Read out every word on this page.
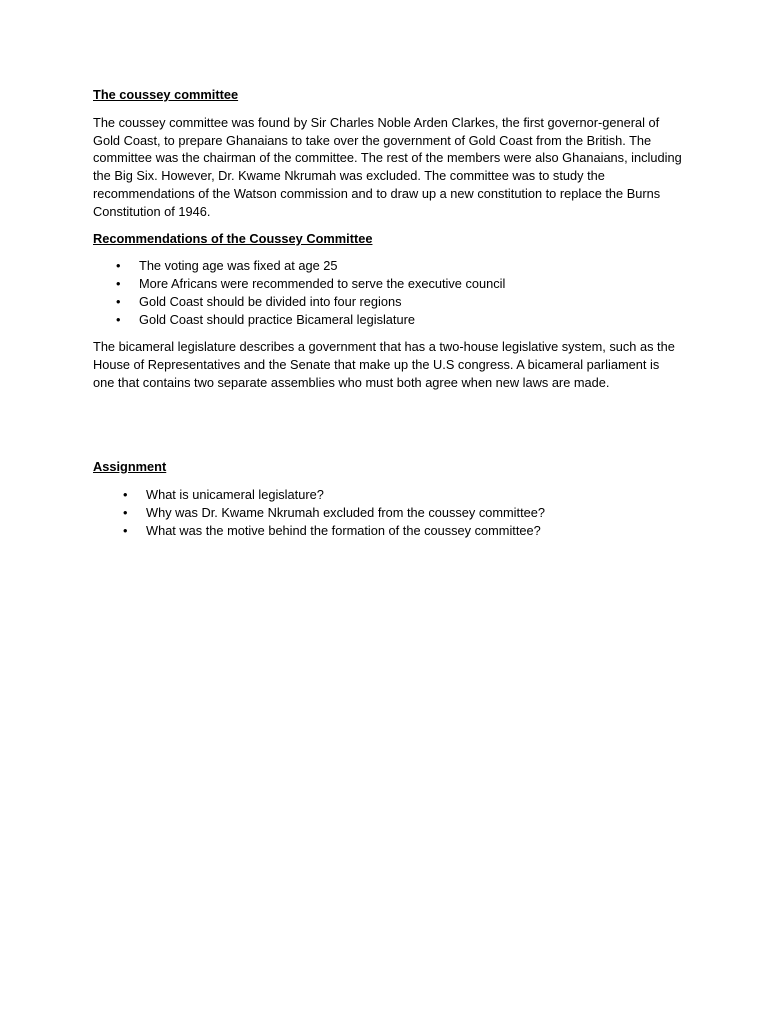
The coussey committee

The coussey committee was found by Sir Charles Noble Arden Clarkes, the first governor-general of Gold Coast, to prepare Ghanaians to take over the government of Gold Coast from the British. The committee was the chairman of the committee. The rest of the members were also Ghanaians, including the Big Six. However, Dr. Kwame Nkrumah was excluded. The committee was to study the recommendations of the Watson commission and to draw up a new constitution to replace the Burns Constitution of 1946.

Recommendations of the Coussey Committee

• The voting age was fixed at age 25
• More Africans were recommended to serve the executive council
• Gold Coast should be divided into four regions
• Gold Coast should practice Bicameral legislature

The bicameral legislature describes a government that has a two-house legislative system, such as the House of Representatives and the Senate that make up the U.S congress. A bicameral parliament is one that contains two separate assemblies who must both agree when new laws are made.

Assignment

• What is unicameral legislature?
• Why was Dr. Kwame Nkrumah excluded from the coussey committee?
• What was the motive behind the formation of the coussey committee?
